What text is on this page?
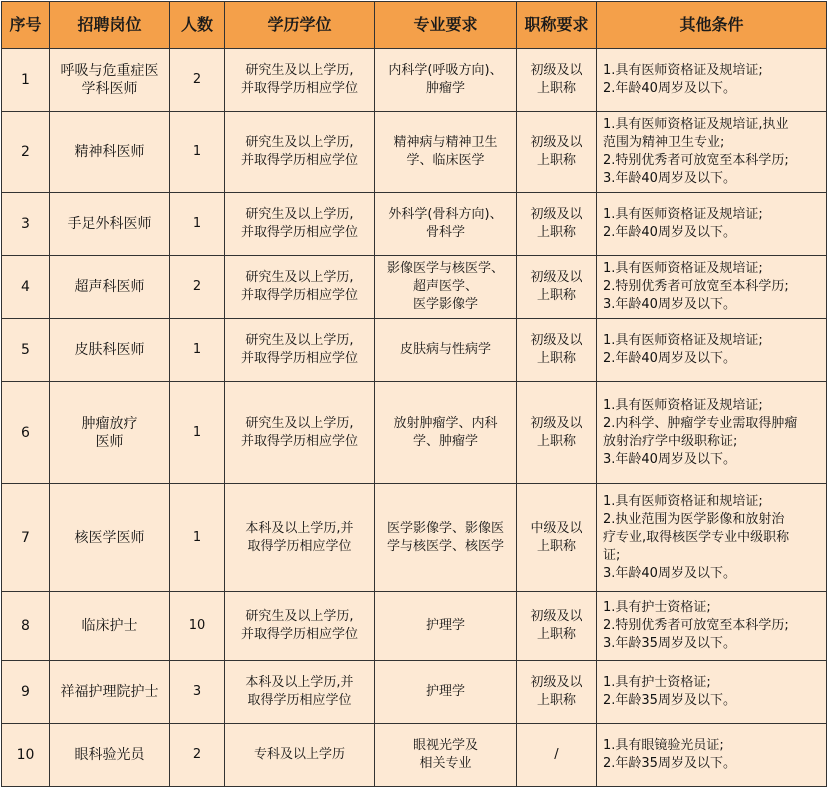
序号	招聘岗位	人数	学历学位	专业要求	职称要求	其他条件
1	呼吸与危重症医
学科医师	2	研究生及以上学历,
并取得学历相应学位	内科学(呼吸方向)、
肿瘤学	初级及以
上职称	1.具有医师资格证及规培证;
2.年龄40周岁及以下。

2	精神科医师	1	研究生及以上学历,
并取得学历相应学位	精神病与精神卫生
学、临床医学	初级及以
上职称	1.具有医师资格证及规培证,执业
范围为精神卫生专业;
2.特别优秀者可放宽至本科学历;
3.年龄40周岁及以下。

3	手足外科医师	1	研究生及以上学历,
并取得学历相应学位	外科学(骨科方向)、
骨科学	初级及以
上职称	1.具有医师资格证及规培证;
2.年龄40周岁及以下。

4	超声科医师	2	研究生及以上学历,
并取得学历相应学位	影像医学与核医学、
超声医学、
医学影像学	初级及以
上职称	1.具有医师资格证及规培证;
2.特别优秀者可放宽至本科学历;
3.年龄40周岁及以下。

5	皮肤科医师	1	研究生及以上学历,
并取得学历相应学位	皮肤病与性病学	初级及以
上职称	1.具有医师资格证及规培证;
2.年龄40周岁及以下。

6	肿瘤放疗
医师	1	研究生及以上学历,
并取得学历相应学位	放射肿瘤学、内科
学、肿瘤学	初级及以
上职称	1.具有医师资格证及规培证;
2.内科学、肿瘤学专业需取得肿瘤
放射治疗学中级职称证;
3.年龄40周岁及以下。

7	核医学医师	1	本科及以上学历,并
取得学历相应学位	医学影像学、影像医
学与核医学、核医学	中级及以
上职称	1.具有医师资格证和规培证;
2.执业范围为医学影像和放射治
疗专业,取得核医学专业中级职称
证;
3.年龄40周岁及以下。

8	临床护士	10	研究生及以上学历,
并取得学历相应学位	护理学	初级及以
上职称	1.具有护士资格证;
2.特别优秀者可放宽至本科学历;
3.年龄35周岁及以下。

9	祥福护理院护士	3	本科及以上学历,并
取得学历相应学位	护理学	初级及以
上职称	1.具有护士资格证;
2.年龄35周岁及以下。

10	眼科验光员	2	专科及以上学历	眼视光学及
相关专业	/	1.具有眼镜验光员证;
2.年龄35周岁及以下。
